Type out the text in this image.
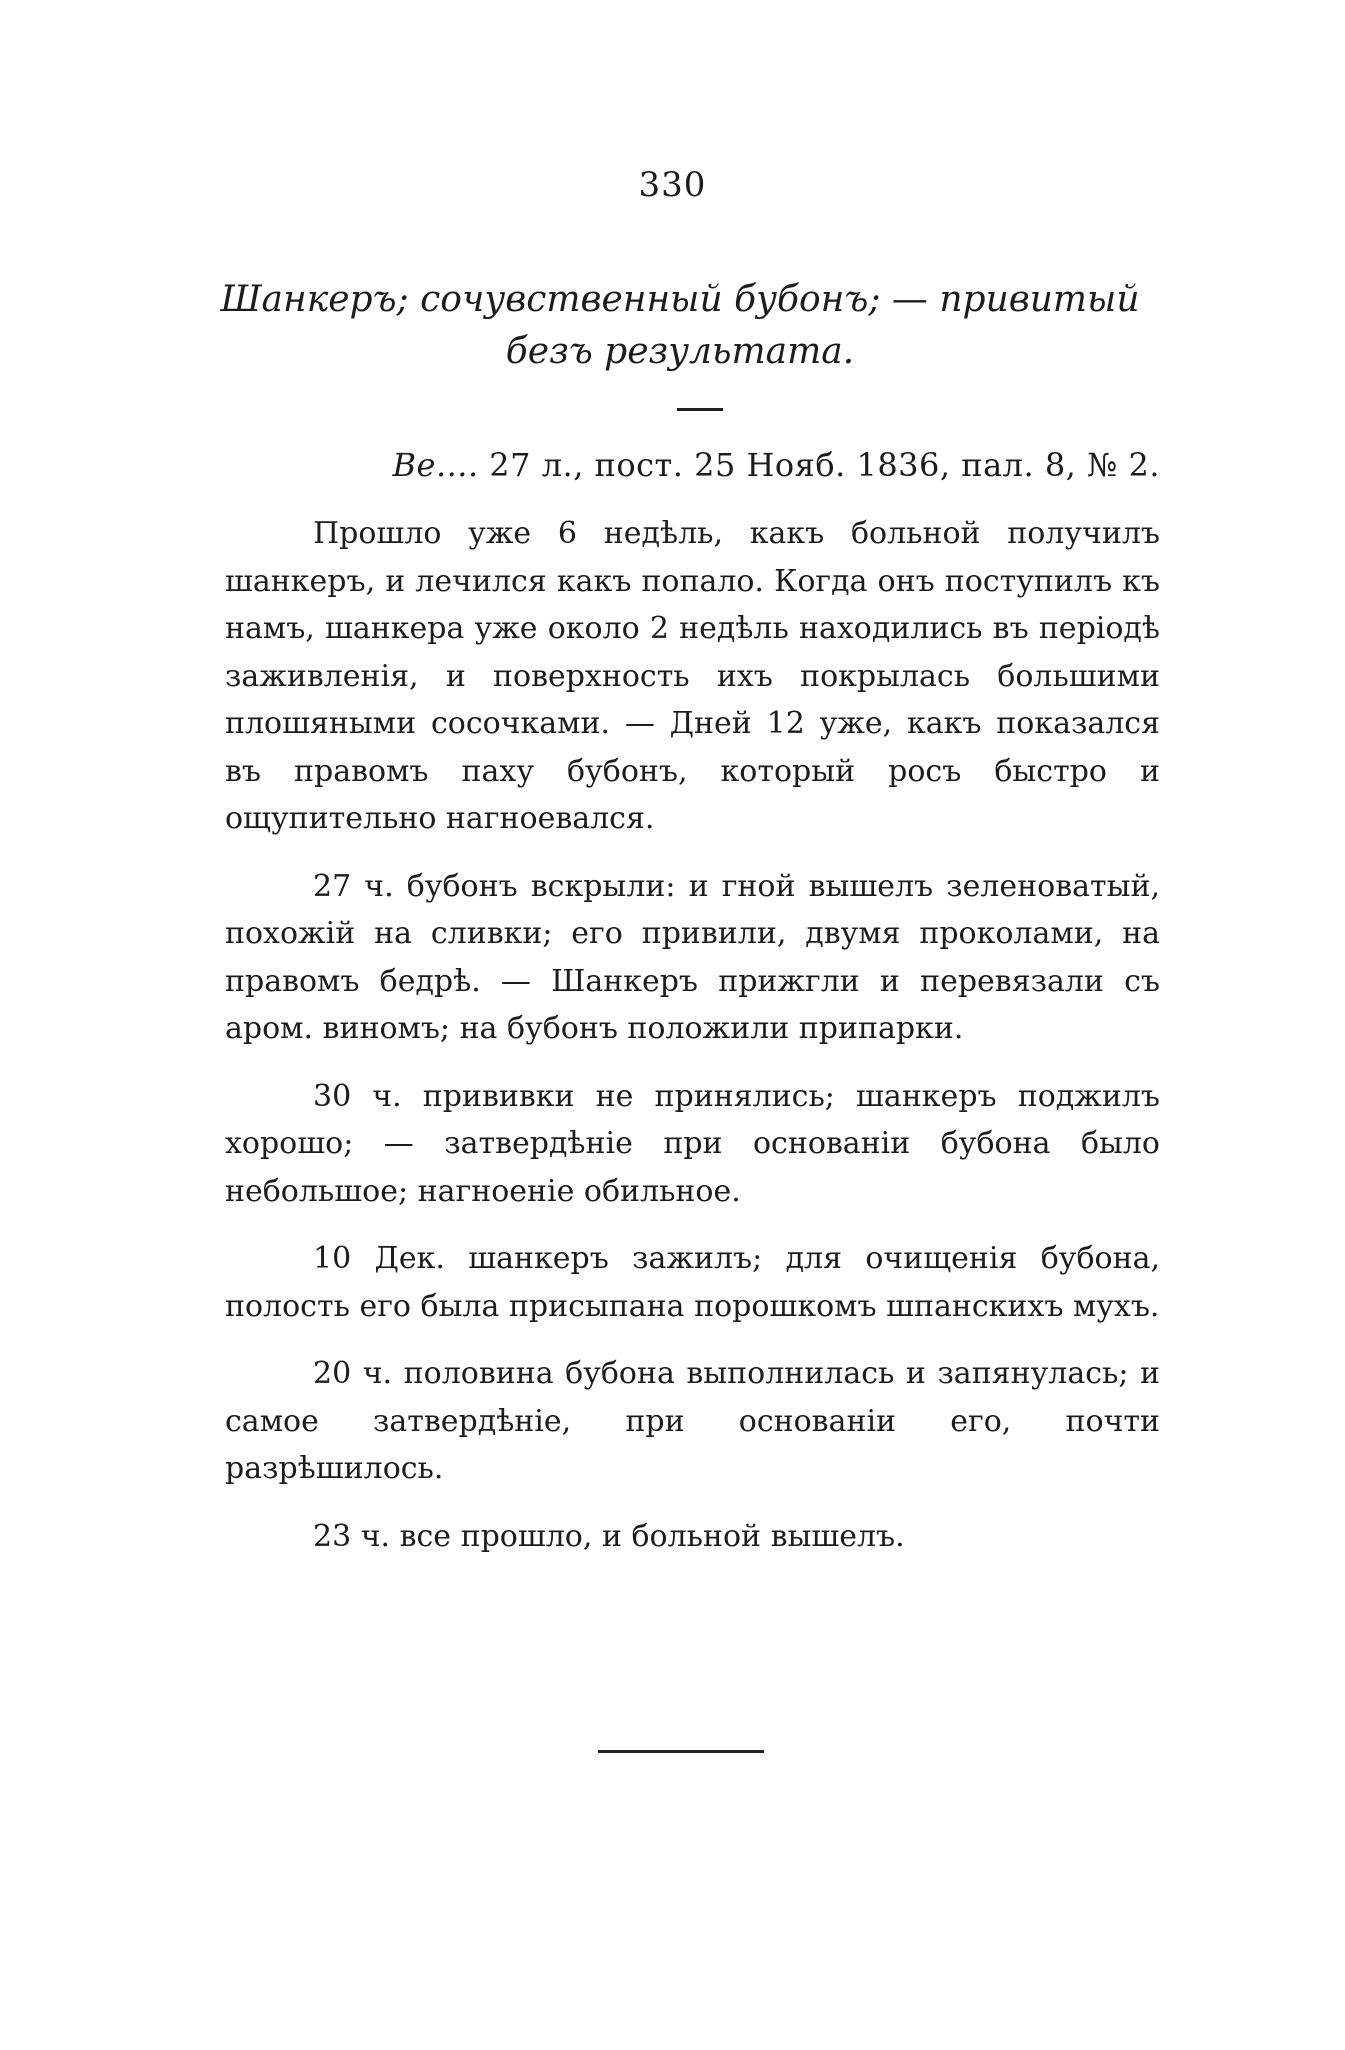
330
Шанкеръ; сочувственный бубонъ; — привитый безъ результата.
Ве.... 27 л., пост. 25 Нояб. 1836, пал. 8, № 2.

Прошло уже 6 недѣль, какъ больной получилъ шанкеръ, и лечился какъ попало. Когда онъ поступилъ къ намъ, шанкера уже около 2 недѣль находились въ періодѣ заживленія, и поверхность ихъ покрылась большими плошяными сосочками. — Дней 12 уже, какъ показался въ правомъ паху бубонъ, который росъ быстро и ощупительно нагноевался.

27 ч. бубонъ вскрыли: и гной вышелъ зеленоватый, похожій на сливки; его привили, двумя проколами, на правомъ бедрѣ. — Шанкеръ прижгли и перевязали съ аром. виномъ; на бубонъ положили припарки.

30 ч. прививки не принялись; шанкеръ поджилъ хорошо; — затвердѣніе при основаніи бубона было небольшое; нагноеніе обильное.

10 Дек. шанкеръ зажилъ; для очищенія бубона, полость его была присыпана порошкомъ шпанскихъ мухъ.

20 ч. половина бубона выполнилась и запянулась; и самое затвердѣніе, при основаніи его, почти разрѣшилось.

23 ч. все прошло, и больной вышелъ.
